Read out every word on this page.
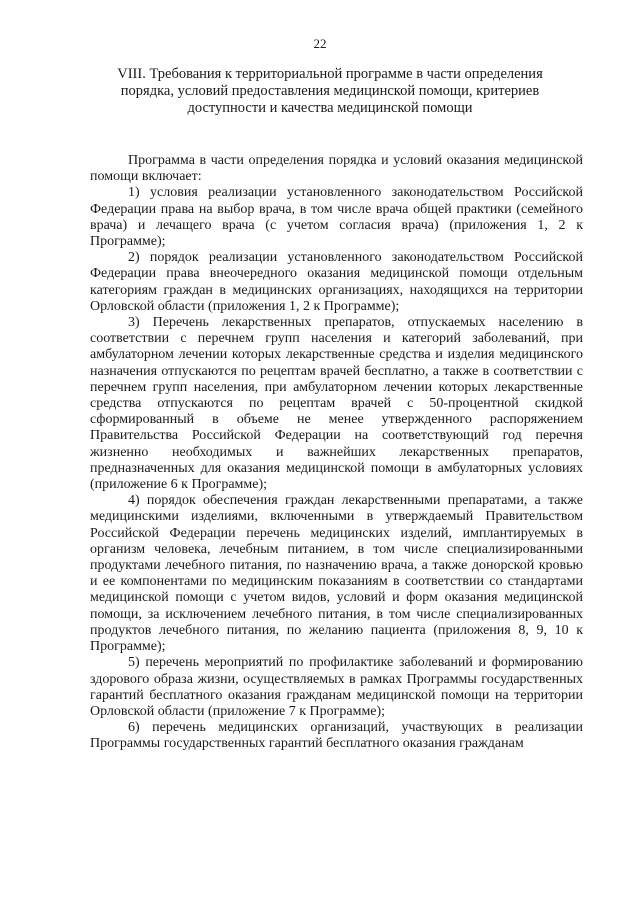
22
VIII. Требования к территориальной программе в части определения порядка, условий предоставления медицинской помощи, критериев доступности и качества медицинской помощи

Программа в части определения порядка и условий оказания медицинской помощи включает:

1) условия реализации установленного законодательством Российской Федерации права на выбор врача, в том числе врача общей практики (семейного врача) и лечащего врача (с учетом согласия врача) (приложения 1, 2 к Программе);

2) порядок реализации установленного законодательством Российской Федерации права внеочередного оказания медицинской помощи отдельным категориям граждан в медицинских организациях, находящихся на территории Орловской области (приложения 1, 2 к Программе);

3) Перечень лекарственных препаратов, отпускаемых населению в соответствии с перечнем групп населения и категорий заболеваний, при амбулаторном лечении которых лекарственные средства и изделия медицинского назначения отпускаются по рецептам врачей бесплатно, а также в соответствии с перечнем групп населения, при амбулаторном лечении которых лекарственные средства отпускаются по рецептам врачей с 50-процентной скидкой сформированный в объеме не менее утвержденного распоряжением Правительства Российской Федерации на соответствующий год перечня жизненно необходимых и важнейших лекарственных препаратов, предназначенных для оказания медицинской помощи в амбулаторных условиях (приложение 6 к Программе);

4) порядок обеспечения граждан лекарственными препаратами, а также медицинскими изделиями, включенными в утверждаемый Правительством Российской Федерации перечень медицинских изделий, имплантируемых в организм человека, лечебным питанием, в том числе специализированными продуктами лечебного питания, по назначению врача, а также донорской кровью и ее компонентами по медицинским показаниям в соответствии со стандартами медицинской помощи с учетом видов, условий и форм оказания медицинской помощи, за исключением лечебного питания, в том числе специализированных продуктов лечебного питания, по желанию пациента (приложения 8, 9, 10 к Программе);

5) перечень мероприятий по профилактике заболеваний и формированию здорового образа жизни, осуществляемых в рамках Программы государственных гарантий бесплатного оказания гражданам медицинской помощи на территории Орловской области (приложение 7 к Программе);

6) перечень медицинских организаций, участвующих в реализации Программы государственных гарантий бесплатного оказания гражданам
